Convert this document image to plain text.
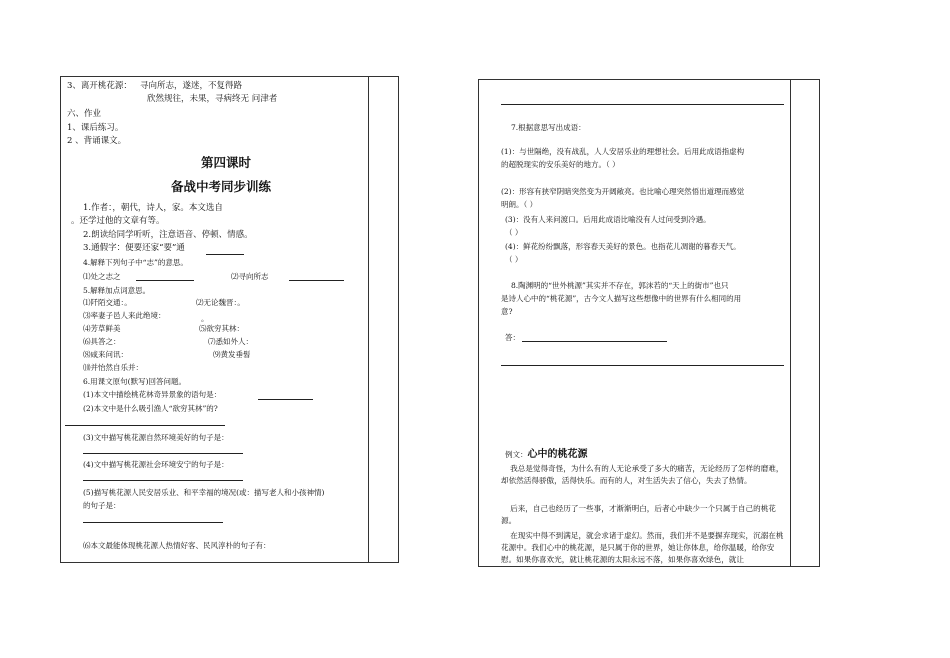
3、离开桃花源： 寻向所志，遂迷，不复得路
欣然规往，未果，寻病终无 问津者
六、作业
1、课后练习。
2 、背诵课文。
第四课时
备战中考同步训练
1.作者：，朝代，诗人，家。本文选自
。还学过他的文章有等。
2.朗读给同学听听，注意语音、停顿、情感。
3.通假字：便要还家“要”通
4.解释下列句子中“志”的意思。
⑴处之志之	⑵寻向所志
5.解释加点词意思。
⑴阡陌交通：。	⑵无论魏晋：。
⑶率妻子邑人来此绝境：	。
⑷芳草鲜美	⑸欲穷其林：
⑹具答之：	⑺悉如外人：
⑻咸来问讯：	⑼黄发垂髫
⑽并怡然自乐并：
6.用课文原句(默写)回答问题。
(1)本文中描绘桃花林奇异景象的语句是：
(2)本文中是什么吸引渔人“欲穷其林”的?
(3)文中描写桃花源自然环境美好的句子是：
(4)文中描写桃花源社会环境安宁的句子是：
(5)描写桃花源人民安居乐业、和平幸福的境况(或：描写老人和小孩神情)
的句子是：
⑹本文最能体现桃花源人热情好客、民风淳朴的句子有：
7.根据意思写出成语：
(1)：与世隔绝，没有战乱，人人安居乐业的理想社会。后用此成语指虚构
的超脱现实的安乐美好的地方。（ ）
(2)：形容有狭窄阴暗突然变为开阔敞亮。也比喻心理突然悟出道理而感觉
明朗。（ ）
(3)：没有人来问渡口。后用此成语比喻没有人过问受到冷遇。
（ ）
(4)：鲜花纷纷飘落，形容春天美好的景色。也指花儿凋谢的暮春天气。
（ ）
8.陶渊明的“世外桃源”其实并不存在，郭沫若的“天上的街市”也只
是诗人心中的“桃花源”，古今文人描写这些想像中的世界有什么相同的用
意?
答：
例文：心中的桃花源

我总是觉得奇怪，为什么有的人无论承受了多大的痛苦，无论经历了怎样的磨难，却依然活得骄傲，活得快乐。而有的人，对生活失去了信心，失去了热情。

后来，自己也经历了一些事，才渐渐明白，后者心中缺少一个只属于自己的桃花源。

在现实中得不到满足，就会求诸于虚幻。然而，我们并不是要摒弃现实，沉溺在桃花源中。我们心中的桃花源，是只属于你的世界，她让你体息，给你温暖，给你安慰。如果你喜欢光，就让桃花源的太阳永远不落，如果你喜欢绿色，就让
